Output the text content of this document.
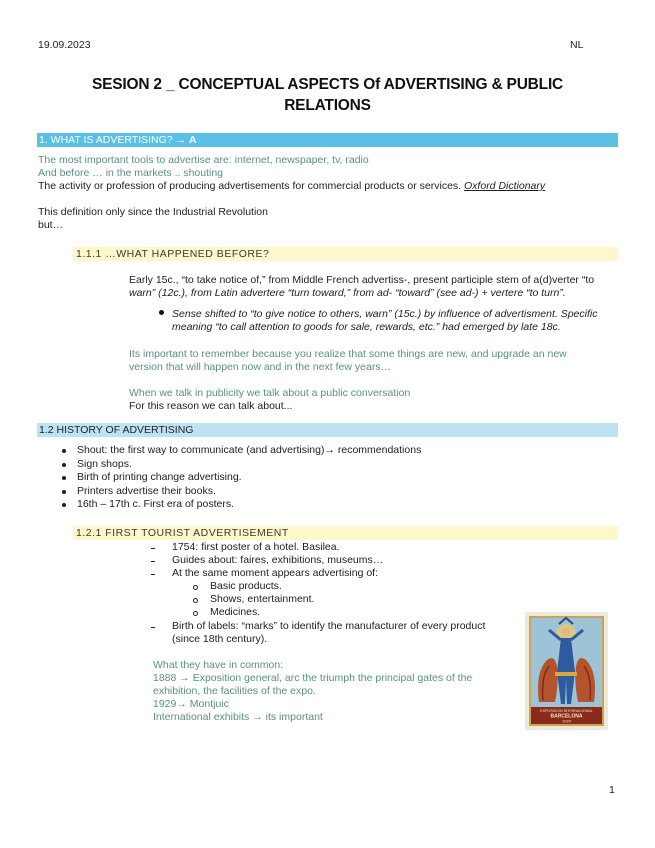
19.09.2023	NL
SESION 2 _ CONCEPTUAL ASPECTS Of ADVERTISING & PUBLIC
RELATIONS
1. WHAT IS ADVERTISING? → A
The most important tools to advertise are: internet, newspaper, tv, radio
And before … in the markets .. shouting
The activity or profession of producing advertisements for commercial products or services. Oxford Dictionary
This definition only since the Industrial Revolution
but…
1.1.1 …WHAT HAPPENED BEFORE?
Early 15c., “to take notice of,” from Middle French advertiss-, present participle stem of a(d)verter “to
warn” (12c.), from Latin advertere “turn toward,” from ad- “toward” (see ad-) + vertere “to turn”.
Sense shifted to “to give notice to others, warn” (15c.) by influence of advertisment. Specific
meaning “to call attention to goods for sale, rewards, etc.” had emerged by late 18c.
Its important to remember because you realize that some things are new, and upgrade an new
version that will happen now and in the next few years…
When we talk in publicity we talk about a public conversation
For this reason we can talk about...
1.2 HISTORY OF ADVERTISING
Shout: the first way to communicate (and advertising)→ recommendations
Sign shops.
Birth of printing change advertising.
Printers advertise their books.
16th – 17th c. First era of posters.
1.2.1 FIRST TOURIST ADVERTISEMENT
1754: first poster of a hotel. Basilea.
Guides about: faires, exhibitions, museums…
At the same moment appears advertising of:
Basic products.
Shows, entertainment.
Medicines.
Birth of labels: “marks” to identify the manufacturer of every product
(since 18th century).
What they have in common:
1888 → Exposition general, arc the triumph the principal gates of the
exhibition, the facilities of the expo.
1929→ Montjuic
International exhibits → its important	EXPOSICION INTERNACIONAL
BARCELONA
1929
1
